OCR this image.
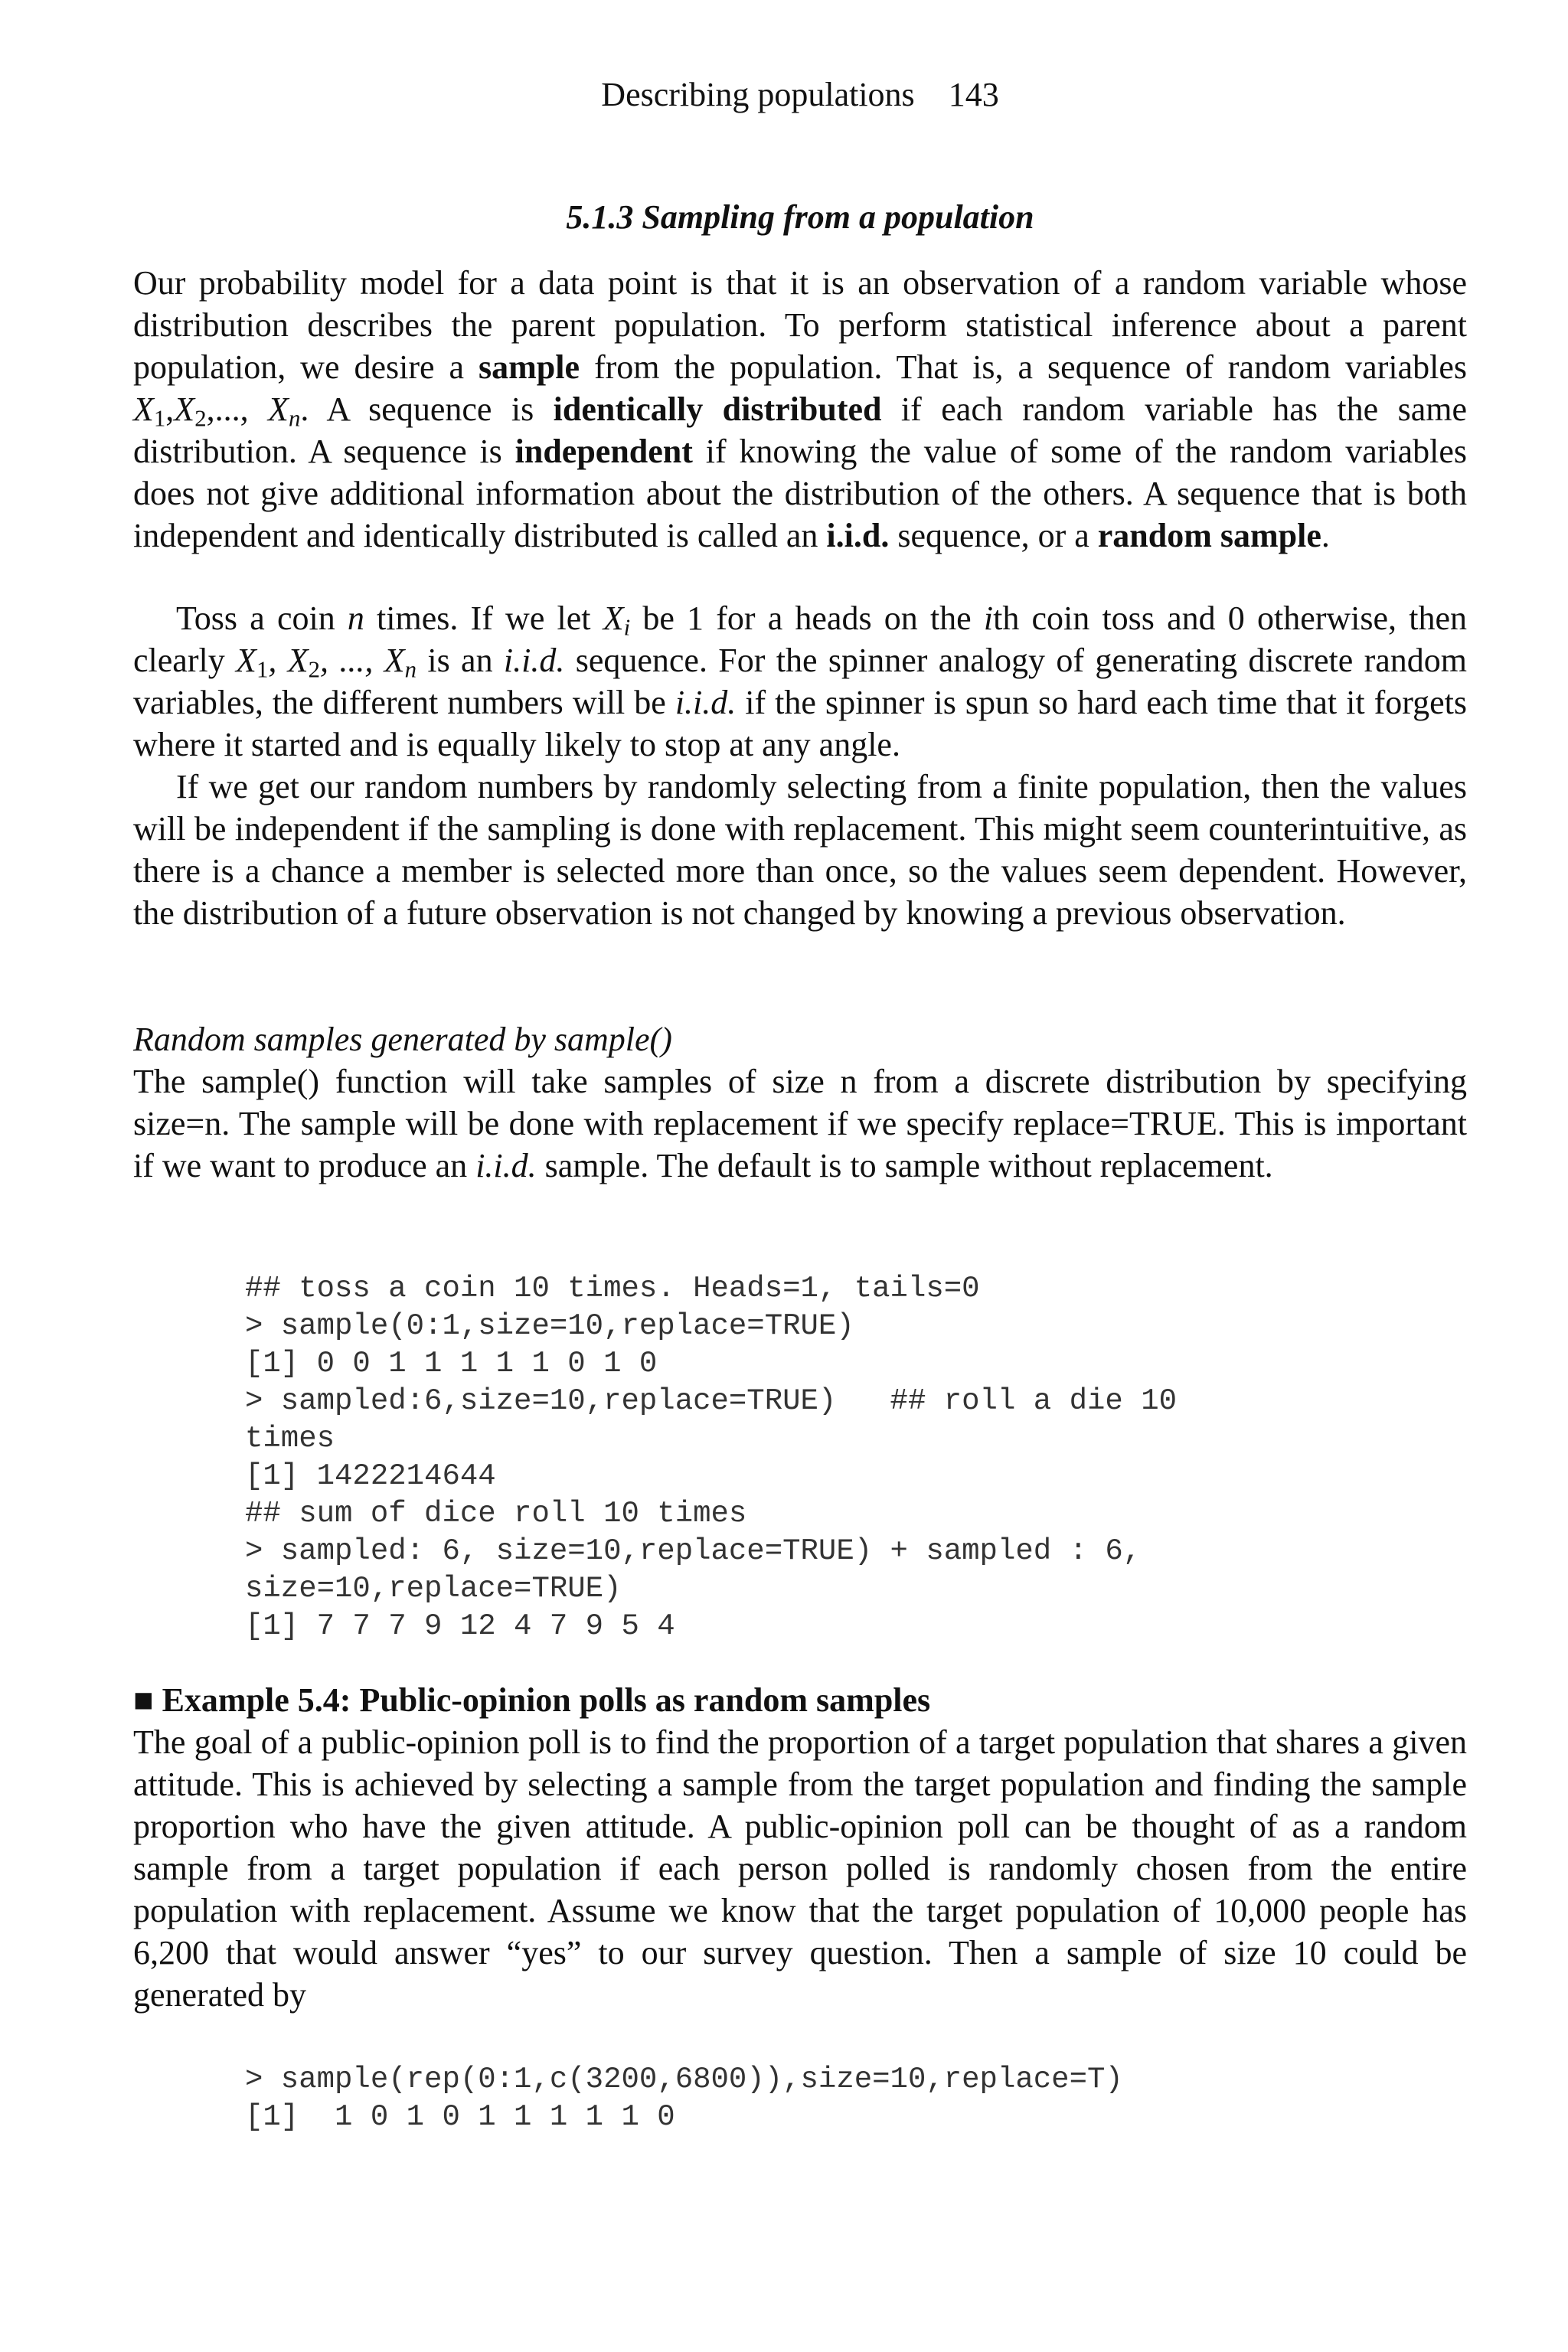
Describing populations 143
5.1.3 Sampling from a population

Our probability model for a data point is that it is an observation of a random variable whose distribution describes the parent population. To perform statistical inference about a parent population, we desire a sample from the population. That is, a sequence of random variables $X_1,X_2$,..., $X_n$. A sequence is identically distributed if each random variable has the same distribution. A sequence is independent if knowing the value of some of the random variables does not give additional information about the distribution of the others. A sequence that is both independent and identically distributed is called an i.i.d. sequence, or a random sample.

Toss a coin n times. If we let $X_i$ be 1 for a heads on the ith coin toss and 0 otherwise, then clearly $X_1$, $X_2$, ..., $X_n$ is an i.i.d. sequence. For the spinner analogy of generating discrete random variables, the different numbers will be i.i.d. if the spinner is spun so hard each time that it forgets where it started and is equally likely to stop at any angle.

If we get our random numbers by randomly selecting from a finite population, then the values will be independent if the sampling is done with replacement. This might seem counterintuitive, as there is a chance a member is selected more than once, so the values seem dependent. However, the distribution of a future observation is not changed by knowing a previous observation.

Random samples generated by sample()

The sample() function will take samples of size n from a discrete distribution by specifying size=n. The sample will be done with replacement if we specify replace=TRUE. This is important if we want to produce an i.i.d. sample. The default is to sample without replacement.

## toss a coin 10 times. Heads=1, tails=0
> sample(0:1,size=10,replace=TRUE)
[1] 0 0 1 1 1 1 1 0 1 0
> sampled:6,size=10,replace=TRUE)   ## roll a die 10
times
[1] 1422214644
## sum of dice roll 10 times
> sampled: 6, size=10,replace=TRUE) + sampled : 6,
size=10,replace=TRUE)
[1] 7 7 7 9 12 4 7 9 5 4

■ Example 5.4: Public-opinion polls as random samples

The goal of a public-opinion poll is to find the proportion of a target population that shares a given attitude. This is achieved by selecting a sample from the target population and finding the sample proportion who have the given attitude. A public-opinion poll can be thought of as a random sample from a target population if each person polled is randomly chosen from the entire population with replacement. Assume we know that the target population of 10,000 people has 6,200 that would answer “yes” to our survey question. Then a sample of size 10 could be generated by

> sample(rep(0:1,c(3200,6800)),size=10,replace=T)
[1]  1 0 1 0 1 1 1 1 1 0
